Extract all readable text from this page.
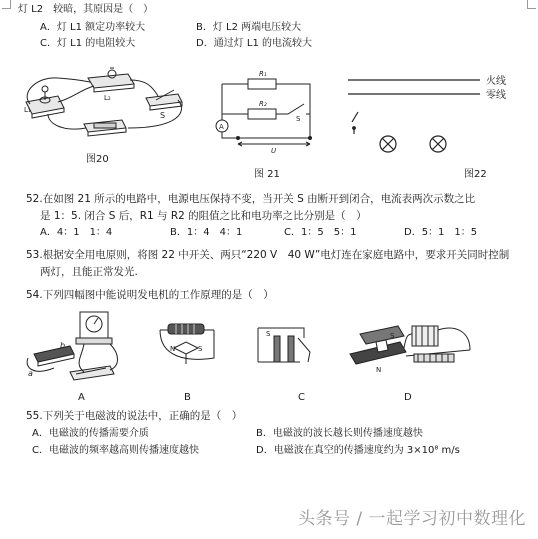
灯 L2　较暗，其原因是（　）
A．灯 L1 额定功率较大	B．灯 L2 两端电压较大
C．灯 L1 的电阻较大	D．通过灯 L1 的电流较大
L₁
L₂
S
图20
R₁
R₂
S
A
U
图 21
火线
零线
图22
52.在如图 21 所示的电路中，电源电压保持不变，当开关 S 由断开到闭合，电流表两次示数之比
是 1：5. 闭合 S 后，R1 与 R2 的阻值之比和电功率之比分别是（　）
A．4：1　1：4	B．1：4　4：1	C．1：5　5：1	D．5：1　1：5
53.根据安全用电原则，将图 22 中开关、两只“220 V　40 W”电灯连在家庭电路中，要求开关同时控制
两灯，且能正常发光.
54.下列四幅图中能说明发电机的工作原理的是（　）
a
b
A
N	S
B
S
C
S
N
D
55.下列关于电磁波的说法中，正确的是（　）
A．电磁波的传播需要介质	B．电磁波的波长越长则传播速度越快
C．电磁波的频率越高则传播速度越快	D．电磁波在真空的传播速度约为 3×10⁸ m/s
头条号 / 一起学习初中数理化
